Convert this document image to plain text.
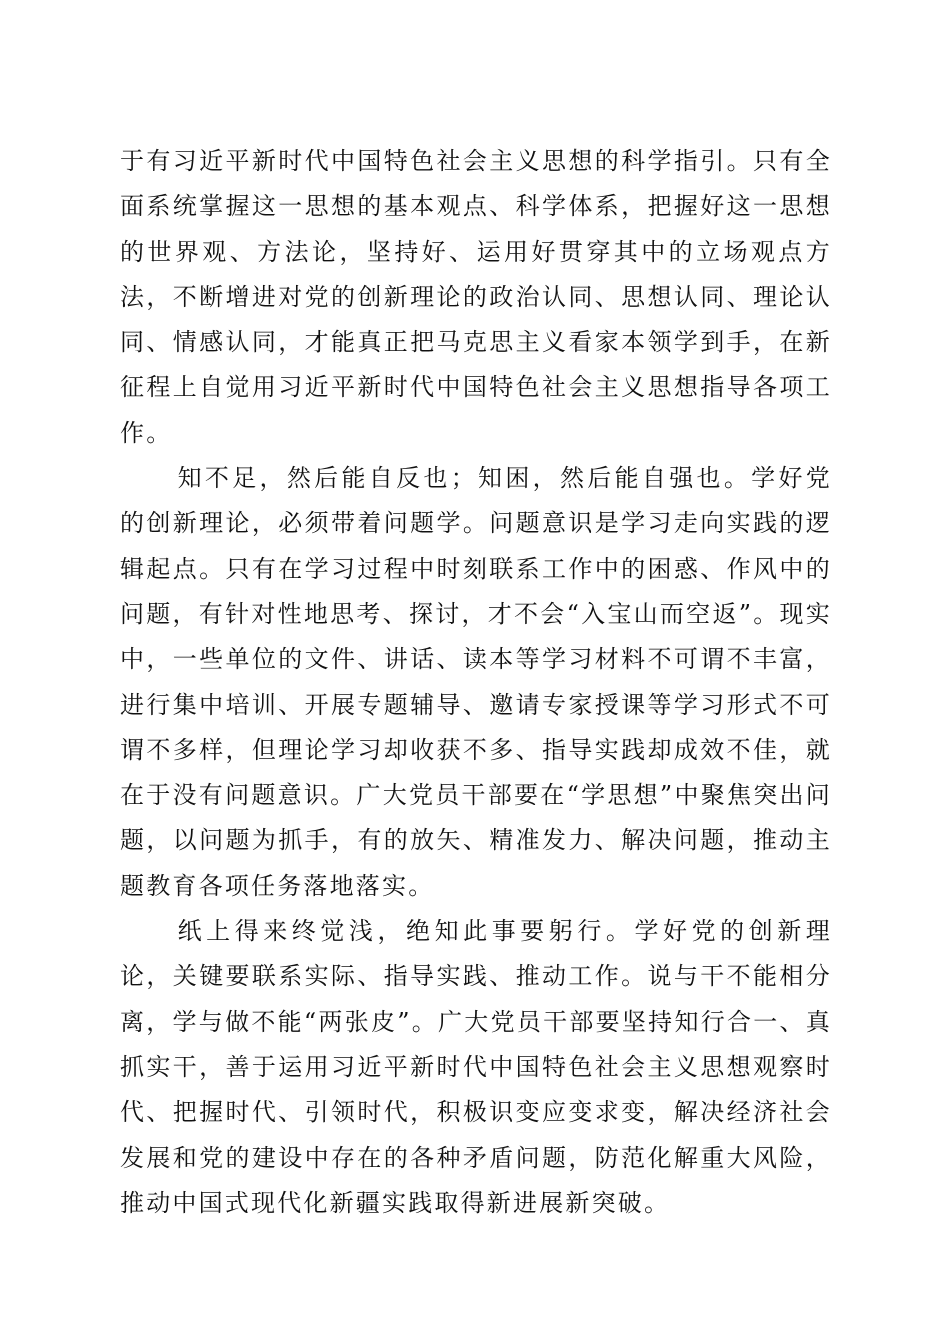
于有习近平新时代中国特色社会主义思想的科学指引。只有全面系统掌握这一思想的基本观点、科学体系，把握好这一思想的世界观、方法论，坚持好、运用好贯穿其中的立场观点方法，不断增进对党的创新理论的政治认同、思想认同、理论认同、情感认同，才能真正把马克思主义看家本领学到手，在新征程上自觉用习近平新时代中国特色社会主义思想指导各项工作。

知不足，然后能自反也；知困，然后能自强也。学好党的创新理论，必须带着问题学。问题意识是学习走向实践的逻辑起点。只有在学习过程中时刻联系工作中的困惑、作风中的问题，有针对性地思考、探讨，才不会“入宝山而空返”。现实中，一些单位的文件、讲话、读本等学习材料不可谓不丰富，进行集中培训、开展专题辅导、邀请专家授课等学习形式不可谓不多样，但理论学习却收获不多、指导实践却成效不佳，就在于没有问题意识。广大党员干部要在“学思想”中聚焦突出问题，以问题为抓手，有的放矢、精准发力、解决问题，推动主题教育各项任务落地落实。

纸上得来终觉浅，绝知此事要躬行。学好党的创新理论，关键要联系实际、指导实践、推动工作。说与干不能相分离，学与做不能“两张皮”。广大党员干部要坚持知行合一、真抓实干，善于运用习近平新时代中国特色社会主义思想观察时代、把握时代、引领时代，积极识变应变求变，解决经济社会发展和党的建设中存在的各种矛盾问题，防范化解重大风险，推动中国式现代化新疆实践取得新进展新突破。
